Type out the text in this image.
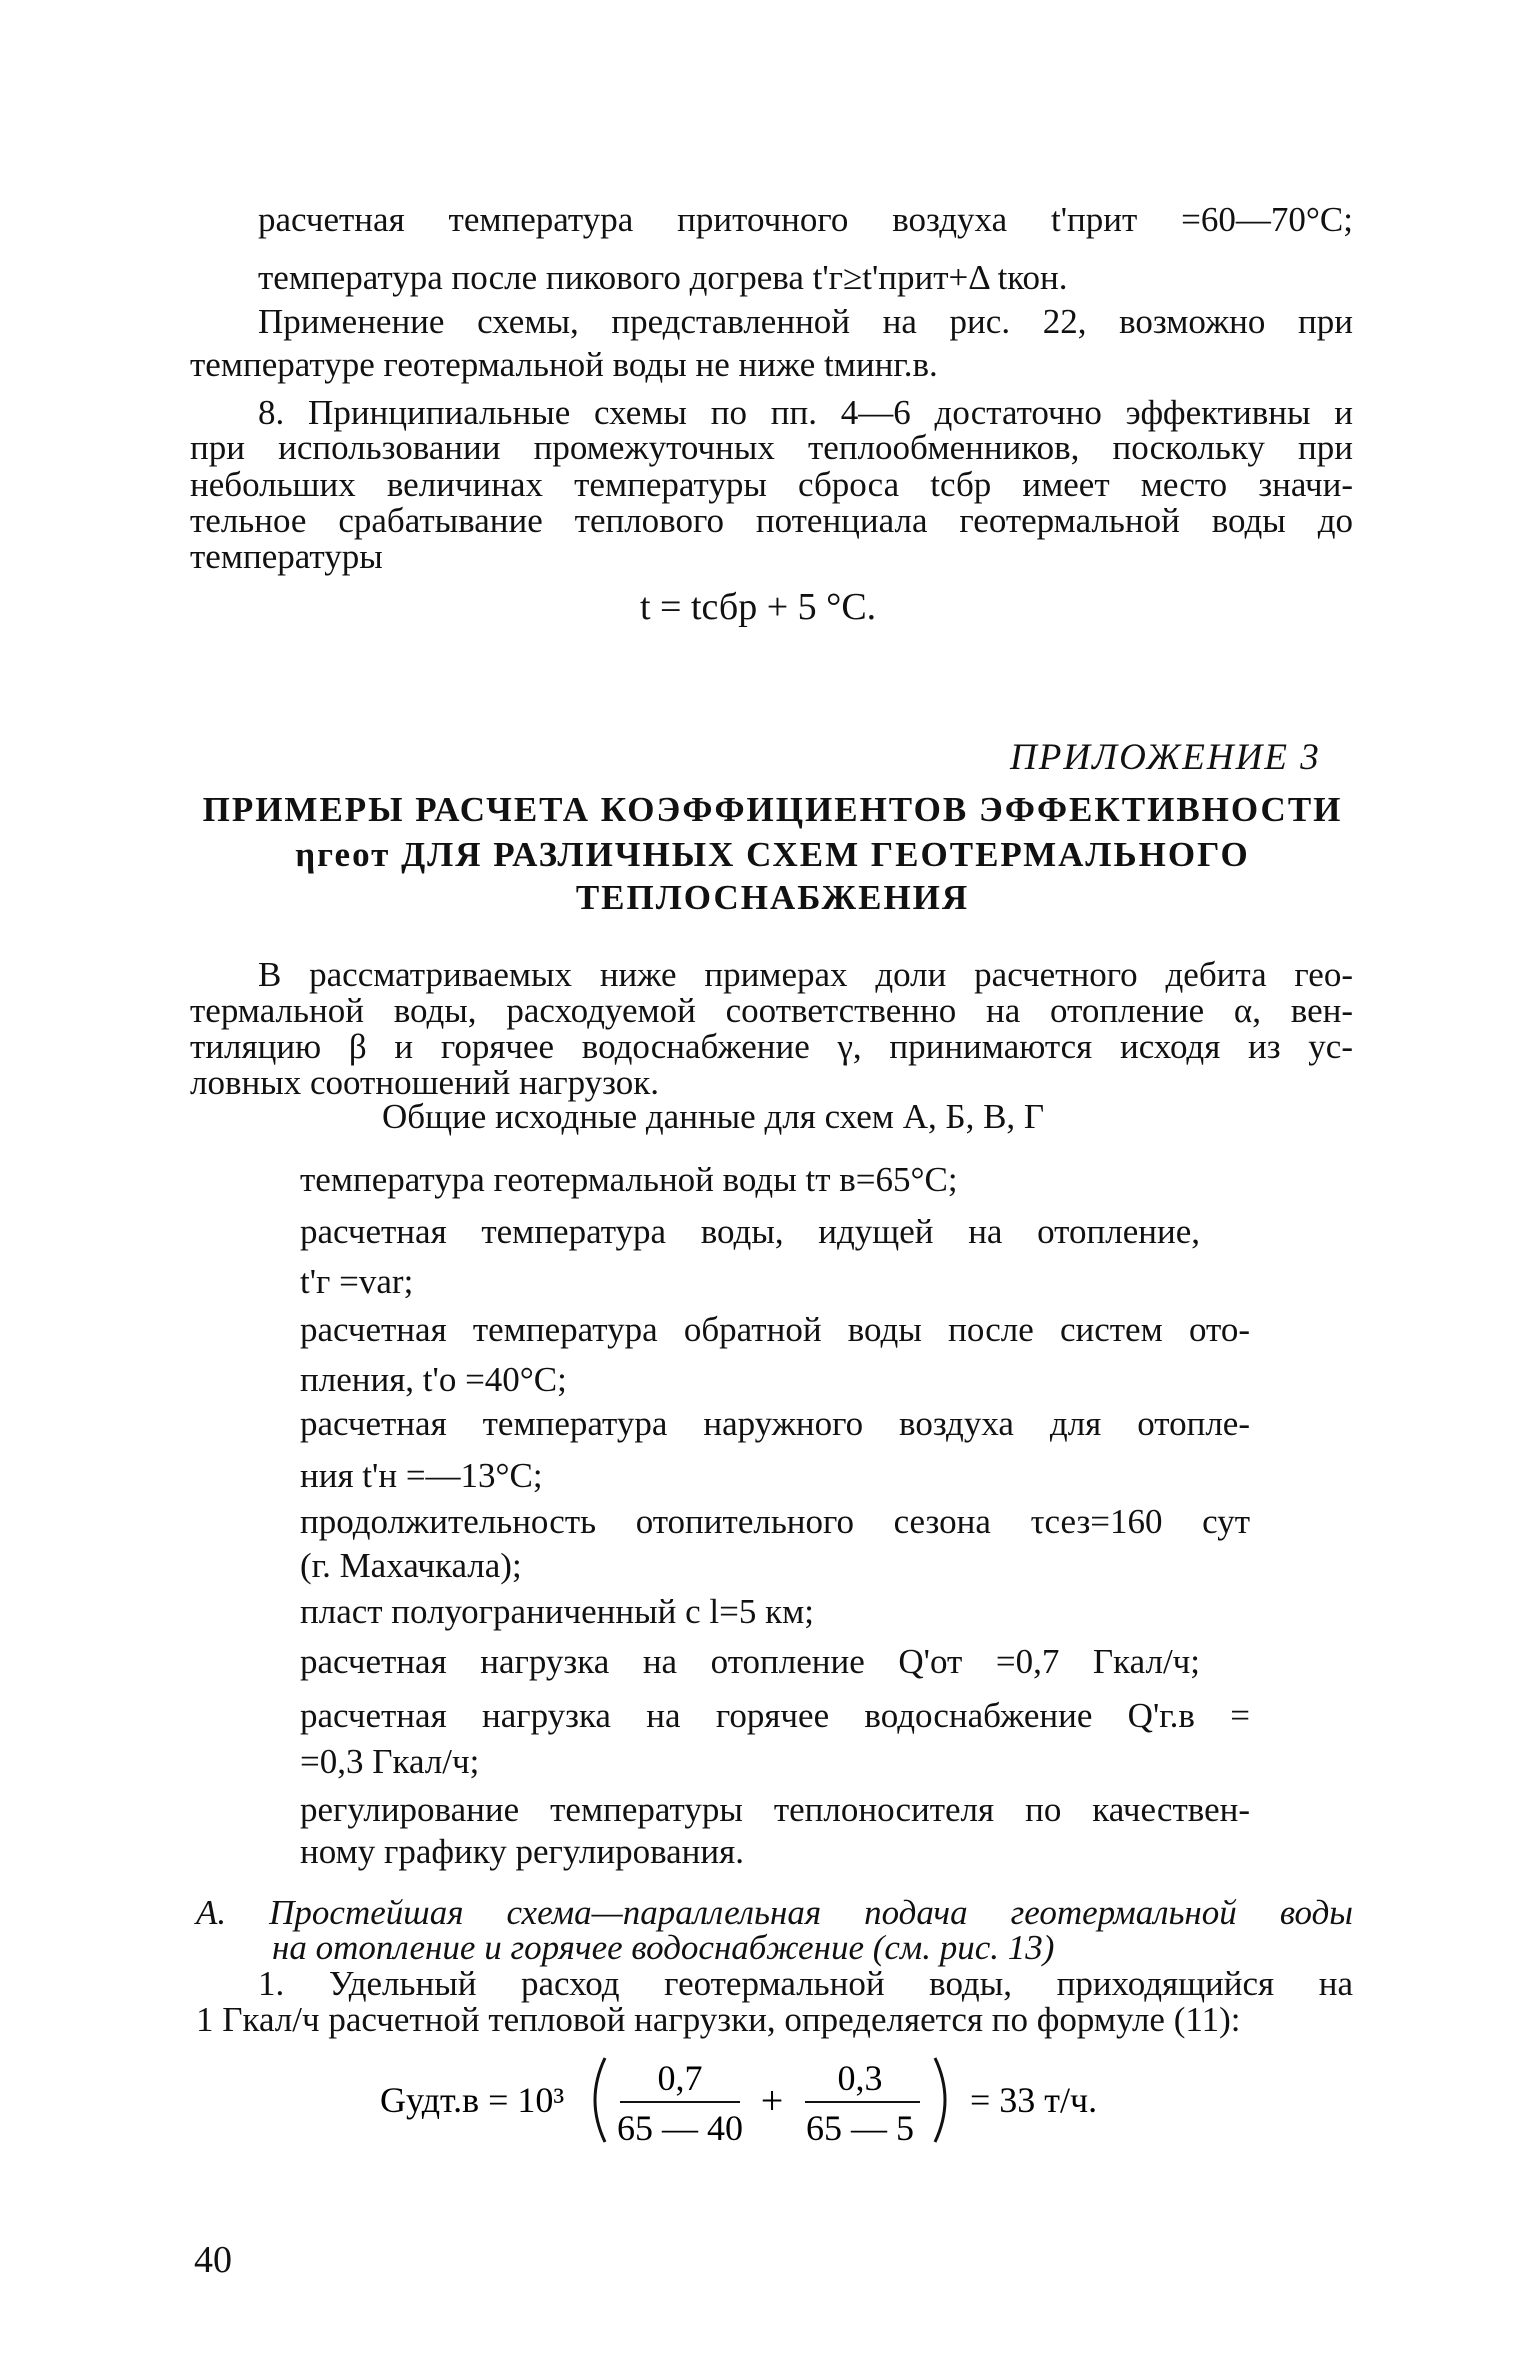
расчетная температура приточного воздуха t'прит =60—70°С;
температура после пикового догрева t'г≥t'прит+Δ tкон.
Применение схемы, представленной на рис. 22, возможно при
температуре геотермальной воды не ниже tминг.в.
8. Принципиальные схемы по пп. 4—6 достаточно эффективны и
при использовании промежуточных теплообменников, поскольку при
небольших величинах температуры сброса tсбр имеет место значи-
тельное срабатывание теплового потенциала геотермальной воды до
температуры
t = tсбр + 5 °С.
ПРИЛОЖЕНИЕ 3
ПРИМЕРЫ РАСЧЕТА КОЭФФИЦИЕНТОВ ЭФФЕКТИВНОСТИ
ηгеот ДЛЯ РАЗЛИЧНЫХ СХЕМ ГЕОТЕРМАЛЬНОГО
ТЕПЛОСНАБЖЕНИЯ
В рассматриваемых ниже примерах доли расчетного дебита гео-
термальной воды, расходуемой соответственно на отопление α, вен-
тиляцию β и горячее водоснабжение γ, принимаются исходя из ус-
ловных соотношений нагрузок.
Общие исходные данные для схем А, Б, В, Г
температура геотермальной воды tт в=65°С;
расчетная температура воды, идущей на отопление,
t'г =var;
расчетная температура обратной воды после систем ото-
пления, t'о =40°С;
расчетная температура наружного воздуха для отопле-
ния t'н =—13°С;
продолжительность отопительного сезона τсез=160 сут
(г. Махачкала);
пласт полуограниченный с l=5 км;
расчетная нагрузка на отопление Q'от =0,7 Гкал/ч;
расчетная нагрузка на горячее водоснабжение Q'г.в =
=0,3 Гкал/ч;
регулирование температуры теплоносителя по качествен-
ному графику регулирования.
А. Простейшая схема—параллельная подача геотермальной воды
на отопление и горячее водоснабжение (см. рис. 13)
1. Удельный расход геотермальной воды, приходящийся на
1 Гкал/ч расчетной тепловой нагрузки, определяется по формуле (11):
Gудт.в = 10³
0,7
65 — 40
+ 0,3
65 — 5
= 33 т/ч.
40
